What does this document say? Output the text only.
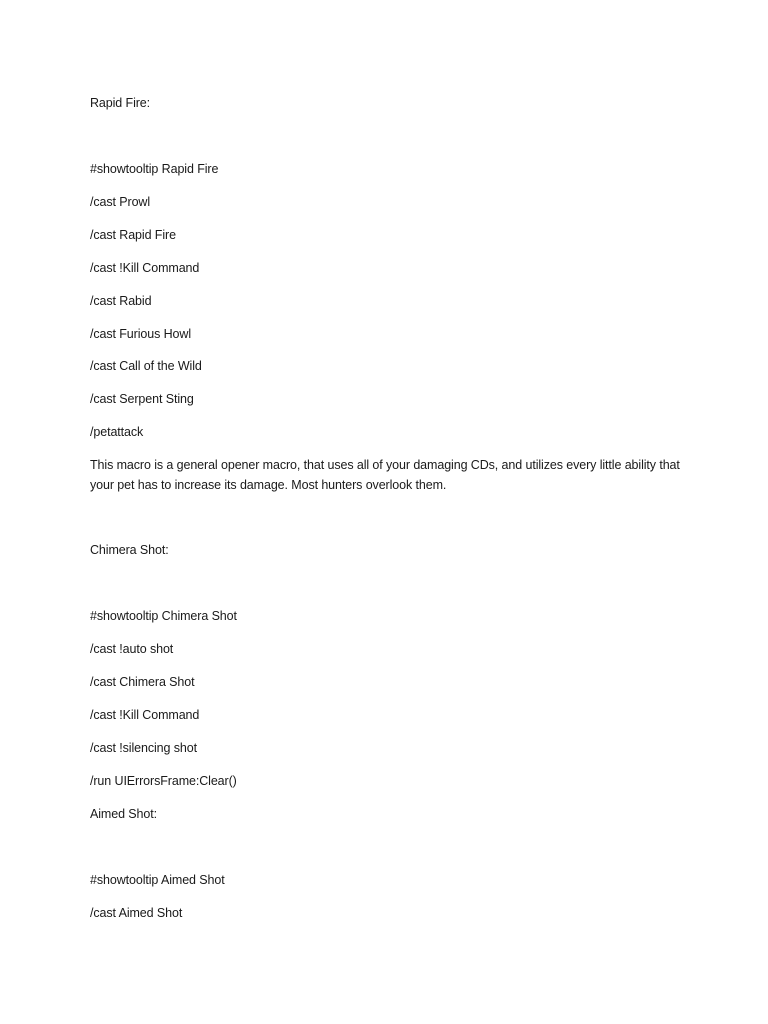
Rapid Fire:
#showtooltip Rapid Fire
/cast Prowl
/cast Rapid Fire
/cast !Kill Command
/cast Rabid
/cast Furious Howl
/cast Call of the Wild
/cast Serpent Sting
/petattack
This macro is a general opener macro, that uses all of your damaging CDs, and utilizes every little ability that your pet has to increase its damage. Most hunters overlook them.
Chimera Shot:
#showtooltip Chimera Shot
/cast !auto shot
/cast Chimera Shot
/cast !Kill Command
/cast !silencing shot
/run UIErrorsFrame:Clear()
Aimed Shot:
#showtooltip Aimed Shot
/cast Aimed Shot
